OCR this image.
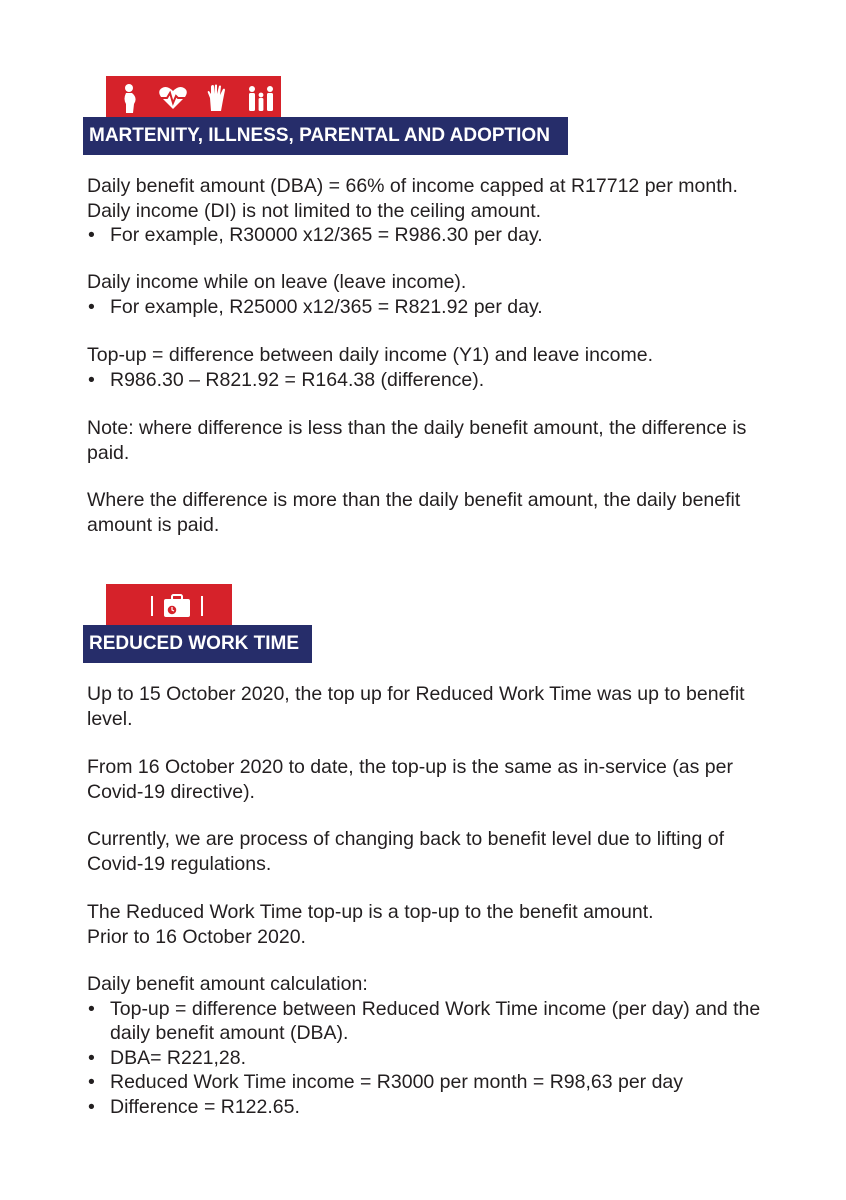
MARTENITY, ILLNESS, PARENTAL AND ADOPTION

Daily benefit amount (DBA) = 66% of income capped at R17712 per month.

Daily income (DI) is not limited to the ceiling amount.

• For example, R30000 x12/365 = R986.30 per day.

Daily income while on leave (leave income).

• For example, R25000 x12/365 = R821.92 per day.

Top-up = difference between daily income (Y1) and leave income.

• R986.30 – R821.92 = R164.38 (difference).

Note: where difference is less than the daily benefit amount, the difference is paid.

Where the difference is more than the daily benefit amount, the daily benefit amount is paid.

REDUCED WORK TIME

Up to 15 October 2020, the top up for Reduced Work Time was up to benefit level.

From 16 October 2020 to date, the top-up is the same as in-service (as per Covid-19 directive).

Currently, we are process of changing back to benefit level due to lifting of Covid-19 regulations.

The Reduced Work Time top-up is a top-up to the benefit amount.

Prior to 16 October 2020.

Daily benefit amount calculation:

• Top-up = difference between Reduced Work Time income (per day) and the daily benefit amount (DBA).
• DBA= R221,28.
• Reduced Work Time income = R3000 per month = R98,63 per day
• Difference = R122.65.
